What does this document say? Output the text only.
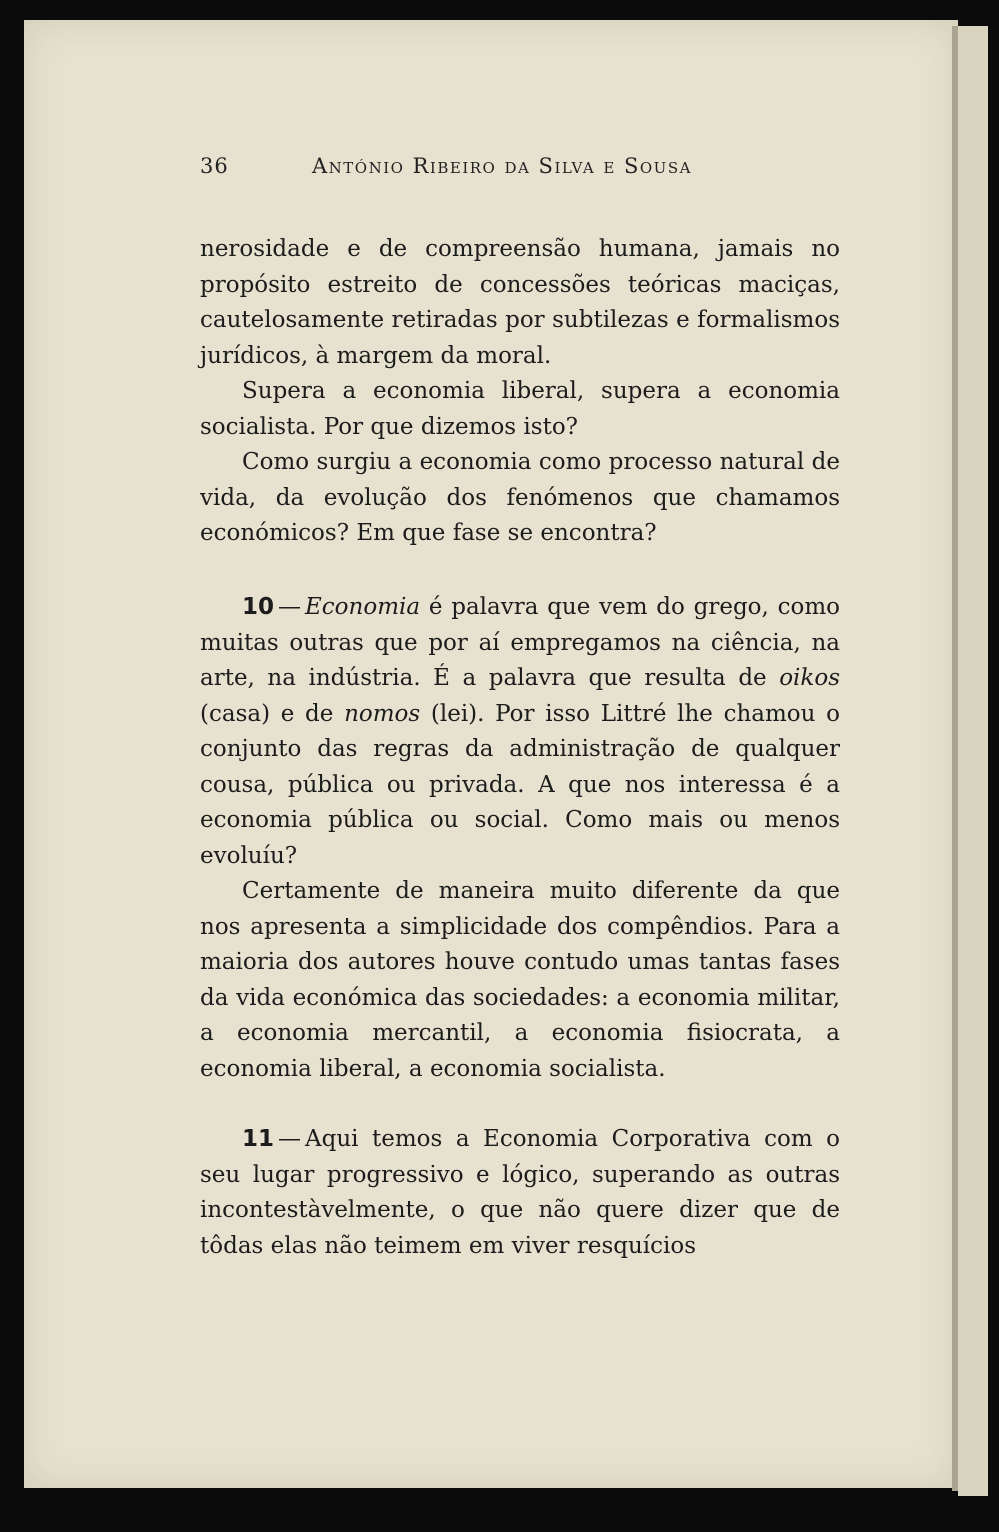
36	António Ribeiro da Silva e Sousa

nerosidade e de compreensão humana, jamais no propósito estreito de concessões teóricas maciças, cautelosamente retiradas por subtilezas e formalismos jurídicos, à margem da moral.

Supera a economia liberal, supera a economia socialista. Por que dizemos isto?

Como surgiu a economia como processo natural de vida, da evolução dos fenómenos que chamamos económicos? Em que fase se encontra?

10 — Economia é palavra que vem do grego, como muitas outras que por aí empregamos na ciência, na arte, na indústria. É a palavra que resulta de oikos (casa) e de nomos (lei). Por isso Littré lhe chamou o conjunto das regras da administração de qualquer cousa, pública ou privada. A que nos interessa é a economia pública ou social. Como mais ou menos evoluíu?

Certamente de maneira muito diferente da que nos apresenta a simplicidade dos compêndios. Para a maioria dos autores houve contudo umas tantas fases da vida económica das sociedades: a economia militar, a economia mercantil, a economia fisiocrata, a economia liberal, a economia socialista.

11 — Aqui temos a Economia Corporativa com o seu lugar progressivo e lógico, superando as outras incontestàvelmente, o que não quere dizer que de tôdas elas não teimem em viver resquícios
